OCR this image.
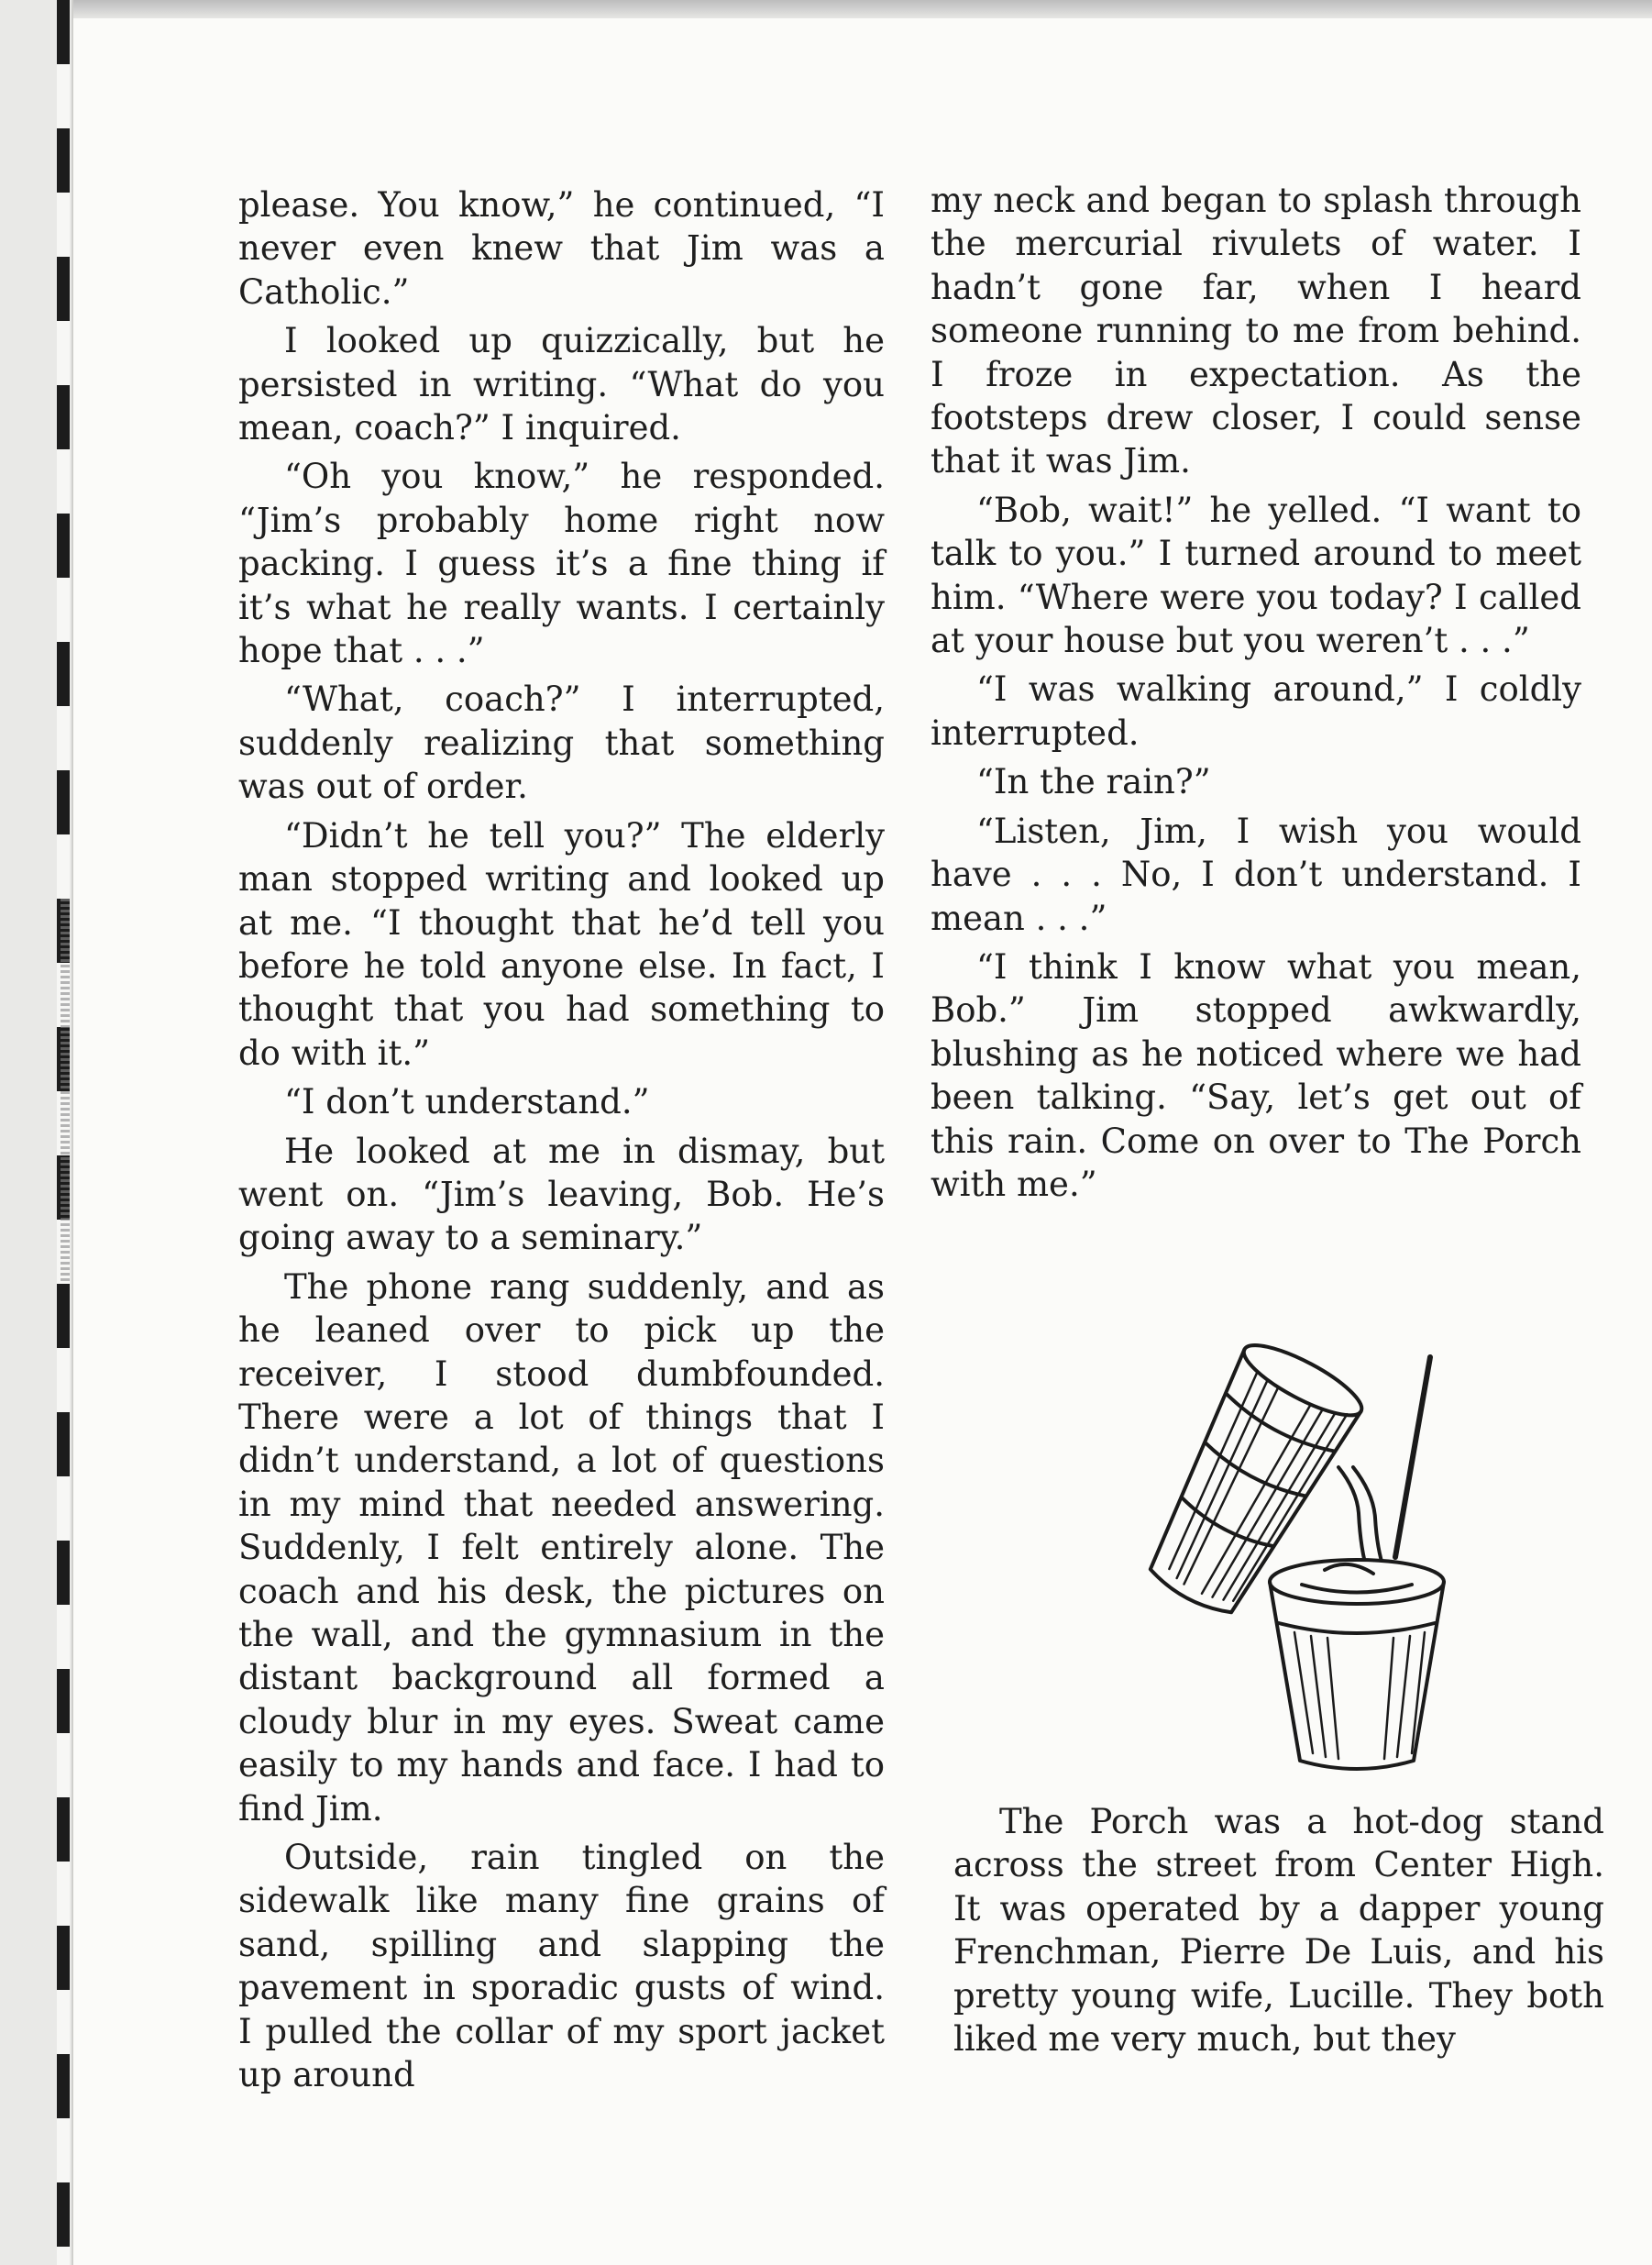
please. You know,” he continued, “I never even knew that Jim was a Catholic.”

I looked up quizzically, but he persisted in writing. “What do you mean, coach?” I inquired.

“Oh you know,” he responded. “Jim’s probably home right now packing. I guess it’s a fine thing if it’s what he really wants. I certainly hope that . . .”

“What, coach?” I interrupted, suddenly realizing that something was out of order.

“Didn’t he tell you?” The elderly man stopped writing and looked up at me. “I thought that he’d tell you before he told anyone else. In fact, I thought that you had something to do with it.”

“I don’t understand.”

He looked at me in dismay, but went on. “Jim’s leaving, Bob. He’s going away to a seminary.”

The phone rang suddenly, and as he leaned over to pick up the receiver, I stood dumbfounded. There were a lot of things that I didn’t understand, a lot of questions in my mind that needed answering. Suddenly, I felt entirely alone. The coach and his desk, the pictures on the wall, and the gymnasium in the distant background all formed a cloudy blur in my eyes. Sweat came easily to my hands and face. I had to find Jim.

Outside, rain tingled on the sidewalk like many fine grains of sand, spilling and slapping the pavement in sporadic gusts of wind. I pulled the collar of my sport jacket up around

my neck and began to splash through the mercurial rivulets of water. I hadn’t gone far, when I heard someone running to me from behind. I froze in expectation. As the footsteps drew closer, I could sense that it was Jim.

“Bob, wait!” he yelled. “I want to talk to you.” I turned around to meet him. “Where were you today? I called at your house but you weren’t . . .”

“I was walking around,” I coldly interrupted.

“In the rain?”

“Listen, Jim, I wish you would have . . . No, I don’t understand. I mean . . .”

“I think I know what you mean, Bob.” Jim stopped awkwardly, blushing as he noticed where we had been talking. “Say, let’s get out of this rain. Come on over to The Porch with me.”

The Porch was a hot-dog stand across the street from Center High. It was operated by a dapper young Frenchman, Pierre De Luis, and his pretty young wife, Lucille. They both liked me very much, but they
